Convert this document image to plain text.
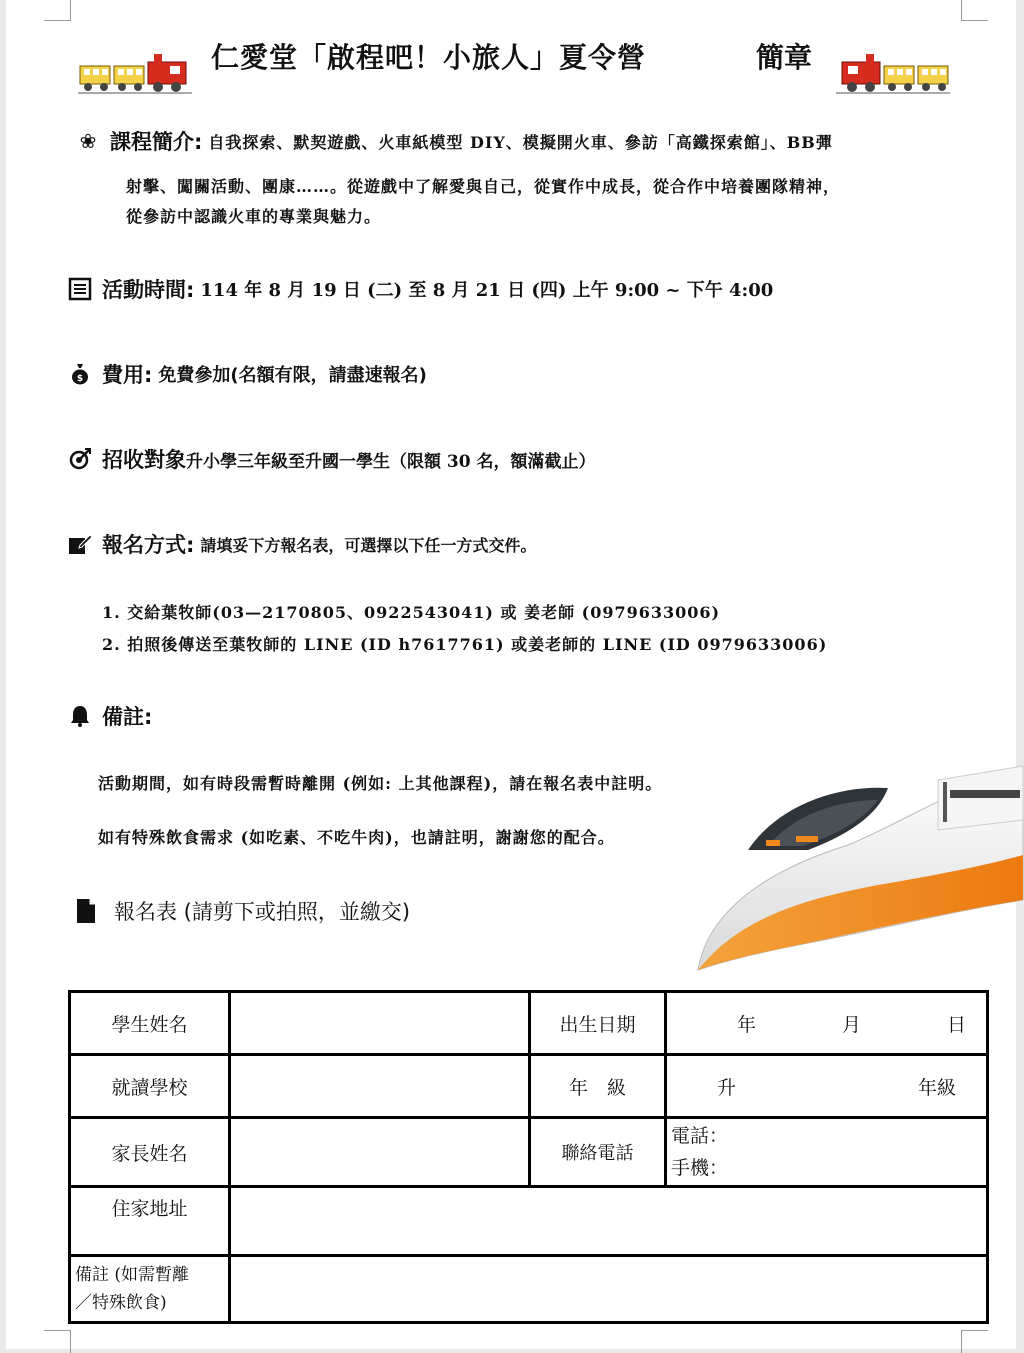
仁愛堂「啟程吧！小旅人」夏令營	簡章
❀ 課程簡介: 自我探索、默契遊戲、火車紙模型 DIY、模擬開火車、參訪「高鐵探索館」、BB彈
射擊、闖關活動、團康……。從遊戲中了解愛與自己，從實作中成長，從合作中培養團隊精神，
從參訪中認識火車的專業與魅力。
活動時間: 114 年 8 月 19 日 (二) 至 8 月 21 日 (四) 上午 9:00 ~ 下午 4:00
$ 費用: 免費參加(名額有限，請盡速報名)
招收對象 升小學三年級至升國一學生（限額 30 名，額滿截止）
報名方式: 請填妥下方報名表，可選擇以下任一方式交件。
1. 交給葉牧師(03—2170805、0922543041) 或 姜老師 (0979633006)
2. 拍照後傳送至葉牧師的 LINE (ID h7617761) 或姜老師的 LINE (ID 0979633006)
備註:
活動期間，如有時段需暫時離開 (例如: 上其他課程)，請在報名表中註明。
如有特殊飲食需求 (如吃素、不吃牛肉)，也請註明，謝謝您的配合。
報名表 (請剪下或拍照，並繳交)
學生姓名		出生日期	年 月 日

就讀學校		年　級	升 年級

家長姓名		聯絡電話	電話：
手機：

住家地址			

備註 (如需暫離
／特殊飲食)			
